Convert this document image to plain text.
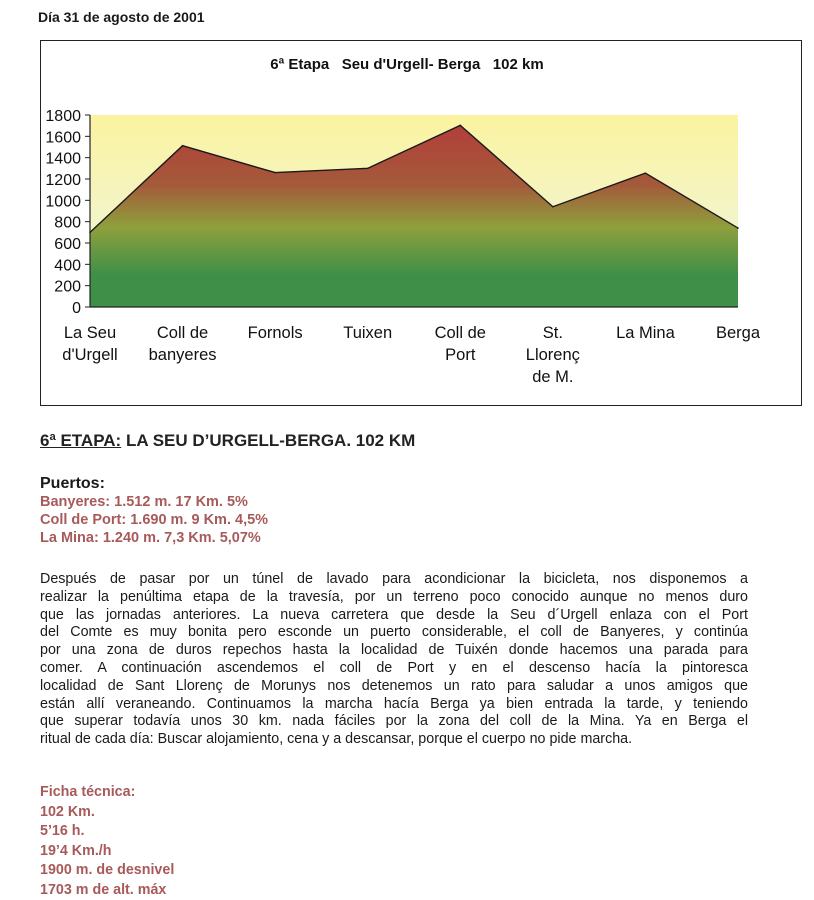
Día 31 de agosto de 2001
6ª Etapa   Seu d'Urgell- Berga   102 km
0
200
400
600
800
1000
1200
1400
1600
1800
La Seu d'Urgell
Coll de banyeres
Fornols Tuixen	Coll de Port
St. Llorenç de M.
La Mina Berga
6ª ETAPA: LA SEU D’URGELL-BERGA. 102 KM
Puertos:
Banyeres: 1.512 m. 17 Km. 5%
Coll de Port: 1.690 m. 9 Km. 4,5%
La Mina: 1.240 m. 7,3 Km. 5,07%
Después de pasar por un túnel de lavado para acondicionar la bicicleta, nos disponemos a
realizar la penúltima etapa de la travesía, por un terreno poco conocido aunque no menos duro
que las jornadas anteriores. La nueva carretera que desde la Seu d´Urgell enlaza con el Port
del Comte es muy bonita pero esconde un puerto considerable, el coll de Banyeres, y continúa
por una zona de duros repechos hasta la localidad de Tuixén donde hacemos una parada para
comer. A continuación ascendemos el coll de Port y en el descenso hacía la pintoresca
localidad de Sant Llorenç de Morunys nos detenemos un rato para saludar a unos amigos que
están allí veraneando. Continuamos la marcha hacía Berga ya bien entrada la tarde, y teniendo
que superar todavía unos 30 km. nada fáciles por la zona del coll de la Mina. Ya en Berga el
ritual de cada día: Buscar alojamiento, cena y a descansar, porque el cuerpo no pide marcha.
Ficha técnica:
102 Km.
5’16 h.
19’4 Km./h
1900 m. de desnivel
1703 m de alt. máx
